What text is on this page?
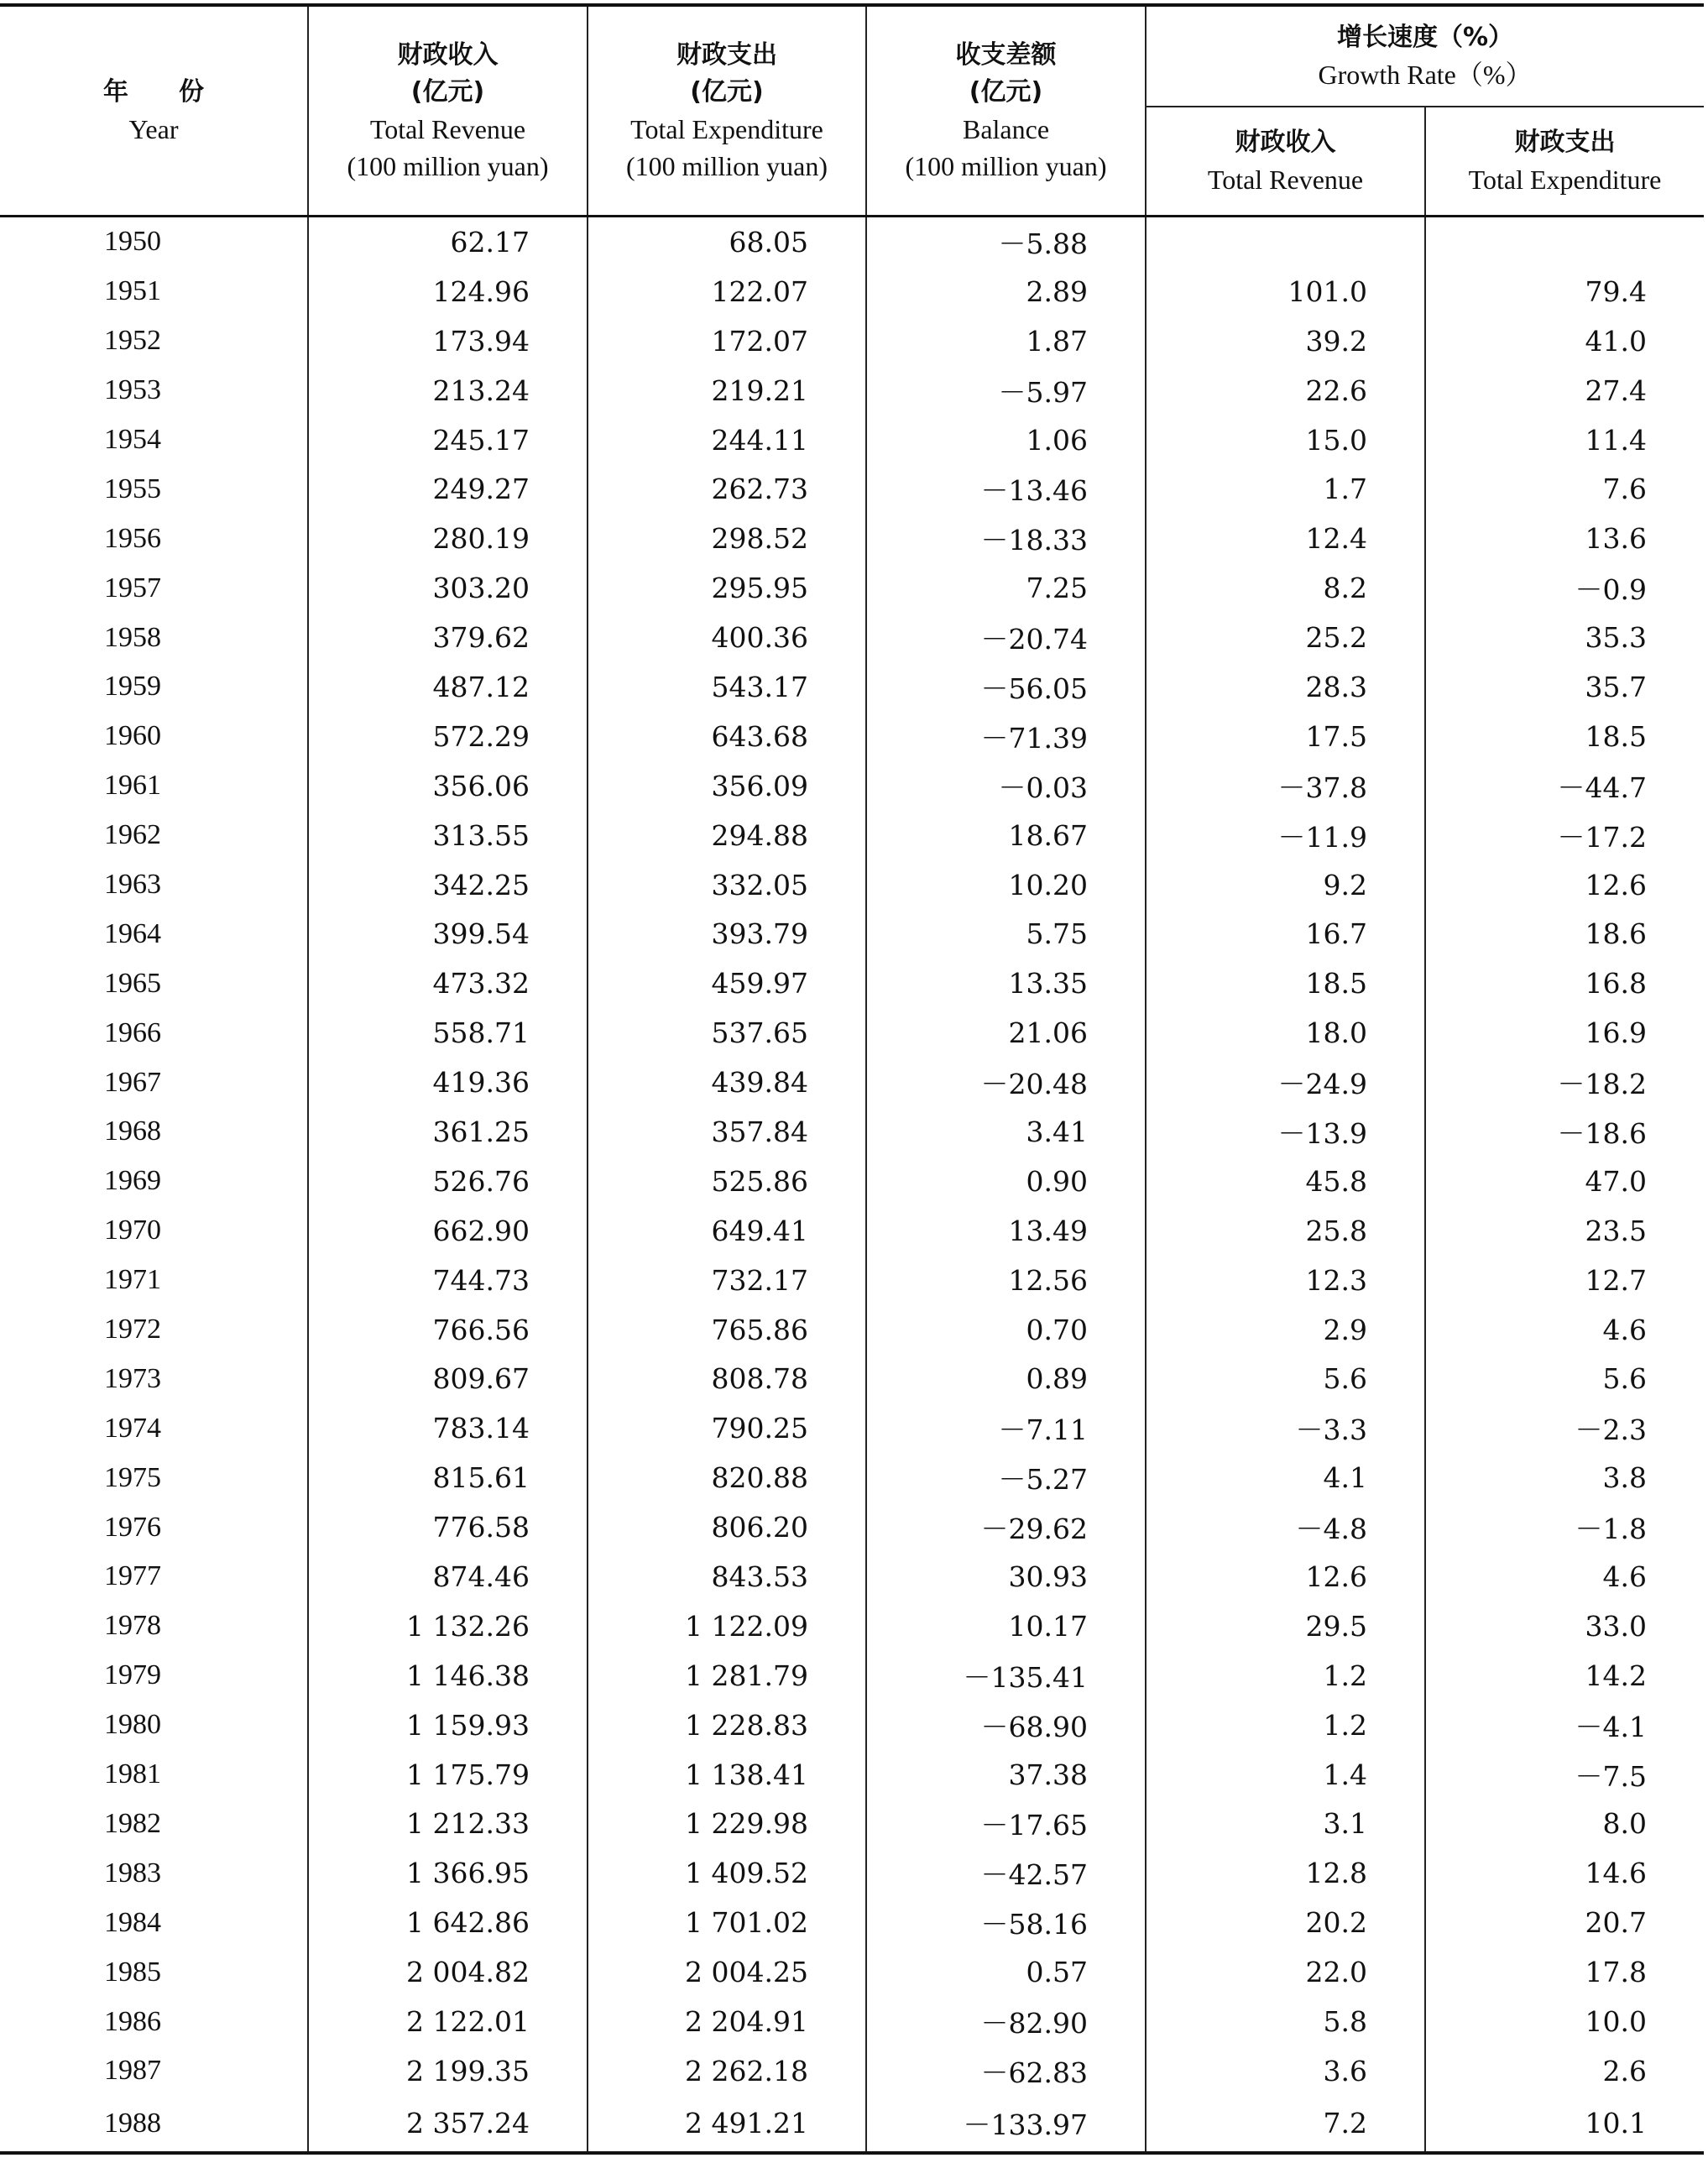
年　　份
Year	财政收入
(亿元)
Total Revenue
(100 million yuan)	财政支出
(亿元)
Total Expenditure
(100 million yuan)	收支差额
(亿元)
Balance
(100 million yuan)	增长速度（%）
Growth Rate（%）	

				财政收入
Total Revenue	财政支出
Total Expenditure

1950	62.17	68.05	－5.88		
1951	124.96	122.07	2.89	101.0	79.4
1952	173.94	172.07	1.87	39.2	41.0
1953	213.24	219.21	－5.97	22.6	27.4
1954	245.17	244.11	1.06	15.0	11.4
1955	249.27	262.73	－13.46	1.7	7.6
1956	280.19	298.52	－18.33	12.4	13.6
1957	303.20	295.95	7.25	8.2	－0.9
1958	379.62	400.36	－20.74	25.2	35.3
1959	487.12	543.17	－56.05	28.3	35.7
1960	572.29	643.68	－71.39	17.5	18.5
1961	356.06	356.09	－0.03	－37.8	－44.7
1962	313.55	294.88	18.67	－11.9	－17.2
1963	342.25	332.05	10.20	9.2	12.6
1964	399.54	393.79	5.75	16.7	18.6
1965	473.32	459.97	13.35	18.5	16.8
1966	558.71	537.65	21.06	18.0	16.9
1967	419.36	439.84	－20.48	－24.9	－18.2
1968	361.25	357.84	3.41	－13.9	－18.6
1969	526.76	525.86	0.90	45.8	47.0
1970	662.90	649.41	13.49	25.8	23.5
1971	744.73	732.17	12.56	12.3	12.7
1972	766.56	765.86	0.70	2.9	4.6
1973	809.67	808.78	0.89	5.6	5.6
1974	783.14	790.25	－7.11	－3.3	－2.3
1975	815.61	820.88	－5.27	4.1	3.8
1976	776.58	806.20	－29.62	－4.8	－1.8
1977	874.46	843.53	30.93	12.6	4.6
1978	1 132.26	1 122.09	10.17	29.5	33.0
1979	1 146.38	1 281.79	－135.41	1.2	14.2
1980	1 159.93	1 228.83	－68.90	1.2	－4.1
1981	1 175.79	1 138.41	37.38	1.4	－7.5
1982	1 212.33	1 229.98	－17.65	3.1	8.0
1983	1 366.95	1 409.52	－42.57	12.8	14.6
1984	1 642.86	1 701.02	－58.16	20.2	20.7
1985	2 004.82	2 004.25	0.57	22.0	17.8
1986	2 122.01	2 204.91	－82.90	5.8	10.0
1987	2 199.35	2 262.18	－62.83	3.6	2.6
1988	2 357.24	2 491.21	－133.97	7.2	10.1
